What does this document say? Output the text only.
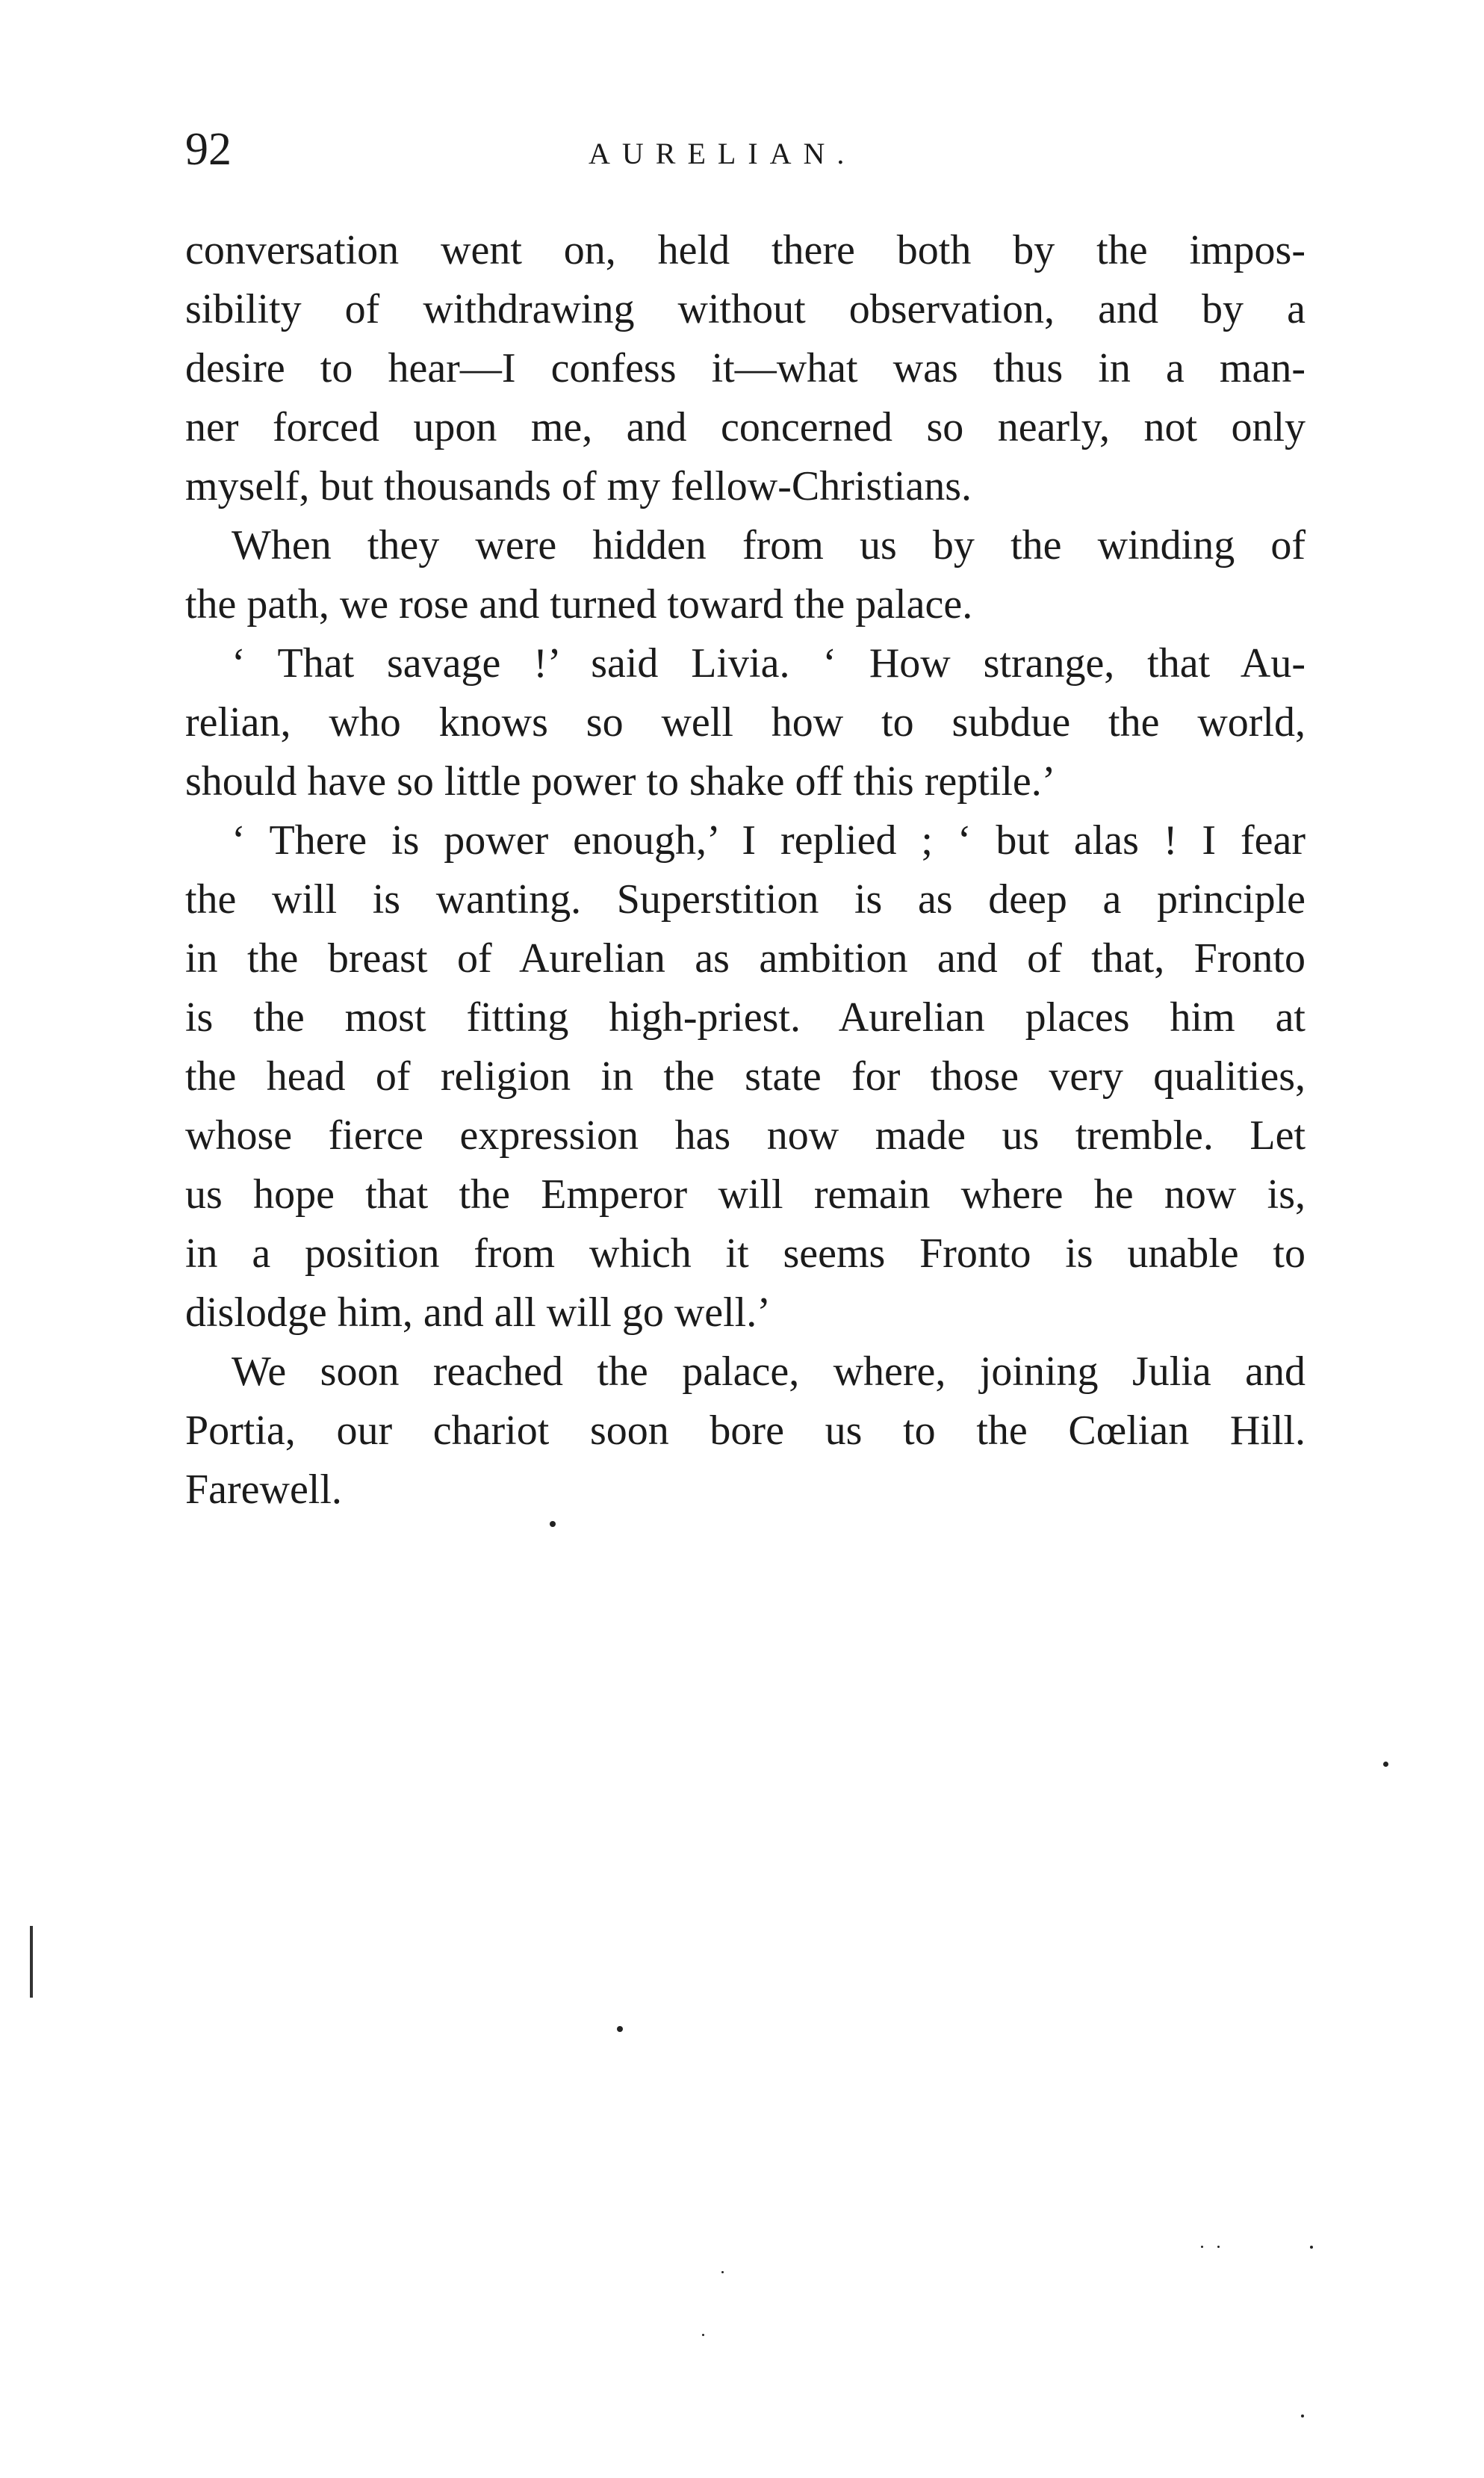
92	AURELIAN.
conversation went on, held there both by the impos-
sibility of withdrawing without observation, and by a
desire to hear—I confess it—what was thus in a man-
ner forced upon me, and concerned so nearly, not only
myself, but thousands of my fellow-Christians.
When they were hidden from us by the winding of
the path, we rose and turned toward the palace.
‘ That savage !’ said Livia. ‘ How strange, that Au-
relian, who knows so well how to subdue the world,
should have so little power to shake off this reptile.’
‘ There is power enough,’ I replied ; ‘ but alas ! I fear
the will is wanting. Superstition is as deep a principle
in the breast of Aurelian as ambition and of that, Fronto
is the most fitting high-priest. Aurelian places him at
the head of religion in the state for those very qualities,
whose fierce expression has now made us tremble. Let
us hope that the Emperor will remain where he now is,
in a position from which it seems Fronto is unable to
dislodge him, and all will go well.’
We soon reached the palace, where, joining Julia and
Portia, our chariot soon bore us to the Cœlian Hill.
Farewell.
